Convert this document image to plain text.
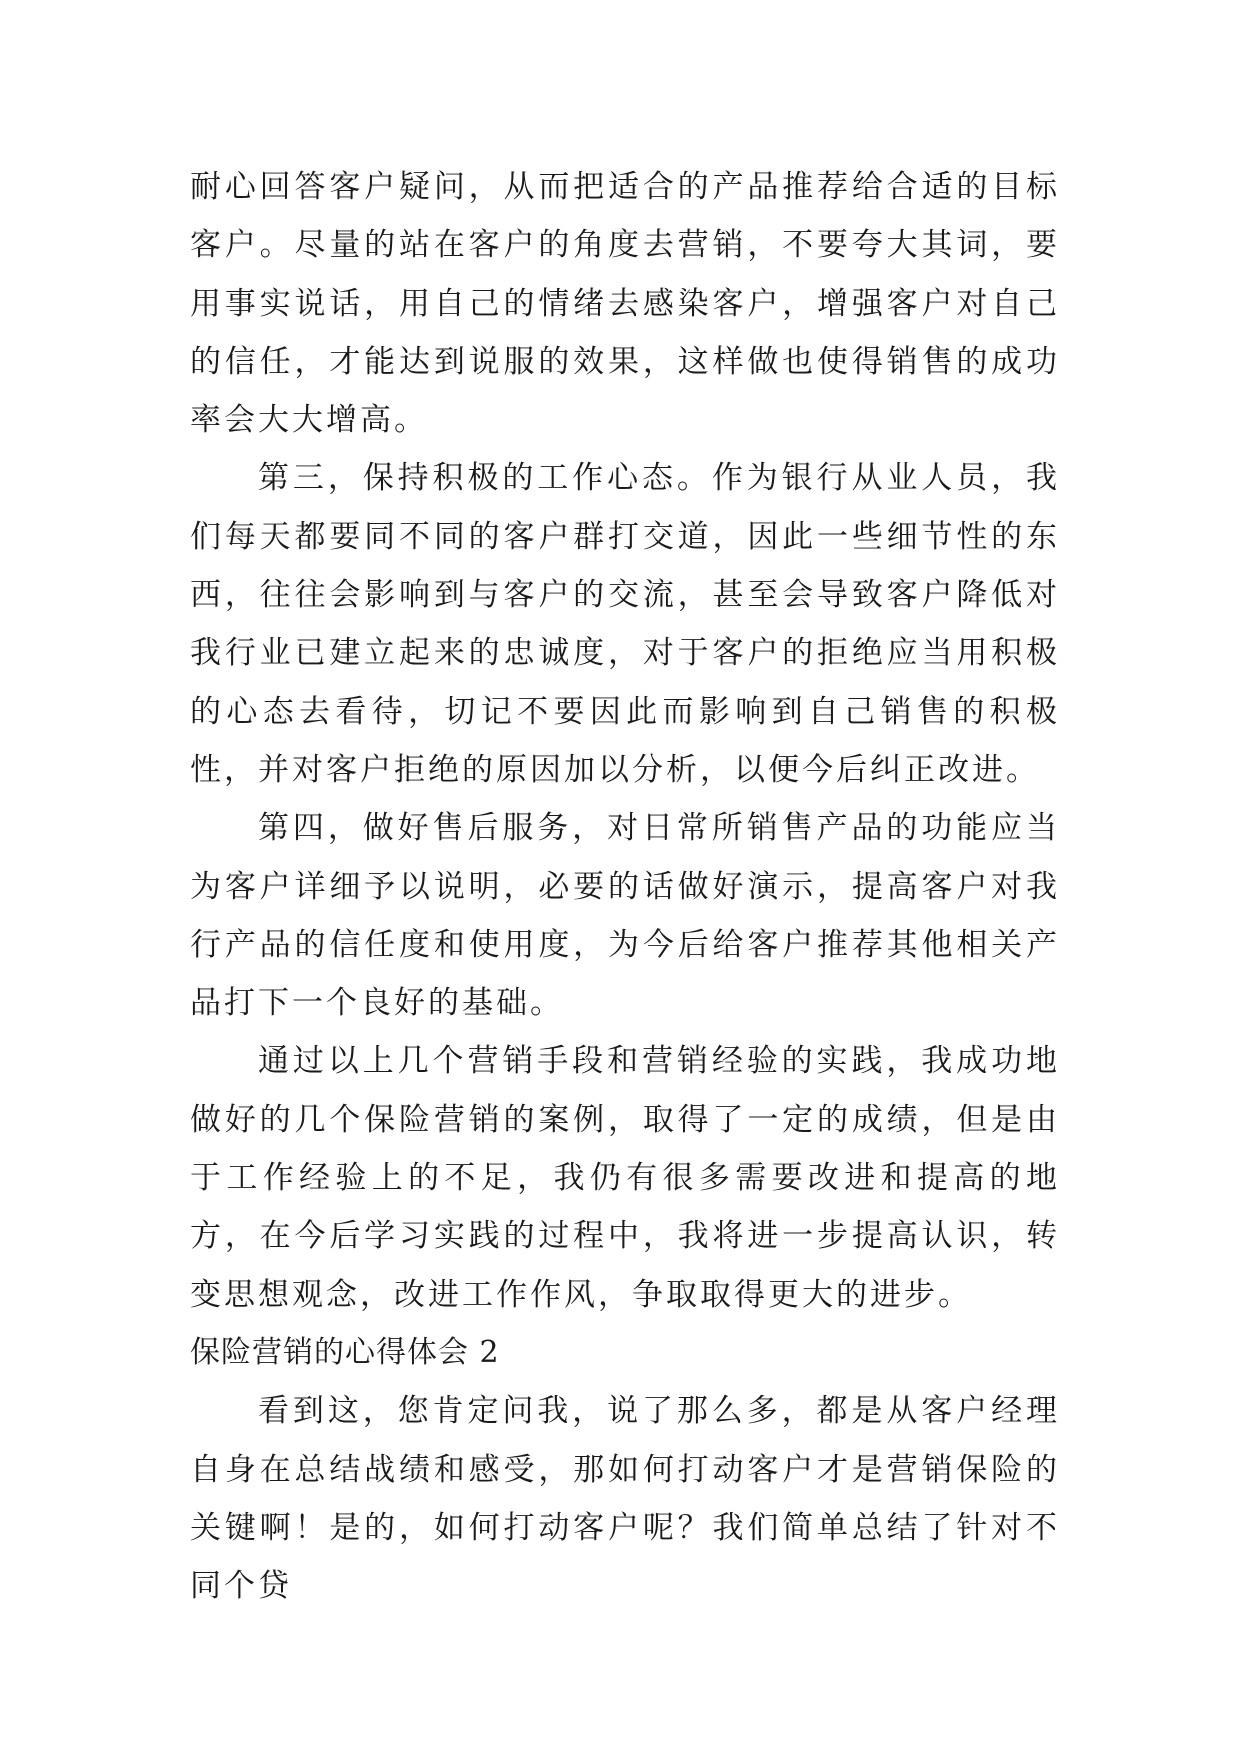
耐心回答客户疑问，从而把适合的产品推荐给合适的目标客户。尽量的站在客户的角度去营销，不要夸大其词，要用事实说话，用自己的情绪去感染客户，增强客户对自己的信任，才能达到说服的效果，这样做也使得销售的成功率会大大增高。

第三，保持积极的工作心态。作为银行从业人员，我们每天都要同不同的客户群打交道，因此一些细节性的东西，往往会影响到与客户的交流，甚至会导致客户降低对我行业已建立起来的忠诚度，对于客户的拒绝应当用积极的心态去看待，切记不要因此而影响到自己销售的积极性，并对客户拒绝的原因加以分析，以便今后纠正改进。

第四，做好售后服务，对日常所销售产品的功能应当为客户详细予以说明，必要的话做好演示，提高客户对我行产品的信任度和使用度，为今后给客户推荐其他相关产品打下一个良好的基础。

通过以上几个营销手段和营销经验的实践，我成功地做好的几个保险营销的案例，取得了一定的成绩，但是由于工作经验上的不足，我仍有很多需要改进和提高的地方，在今后学习实践的过程中，我将进一步提高认识，转变思想观念，改进工作作风，争取取得更大的进步。

保险营销的心得体会 2

看到这，您肯定问我，说了那么多，都是从客户经理自身在总结战绩和感受，那如何打动客户才是营销保险的关键啊！是的，如何打动客户呢？我们简单总结了针对不同个贷
